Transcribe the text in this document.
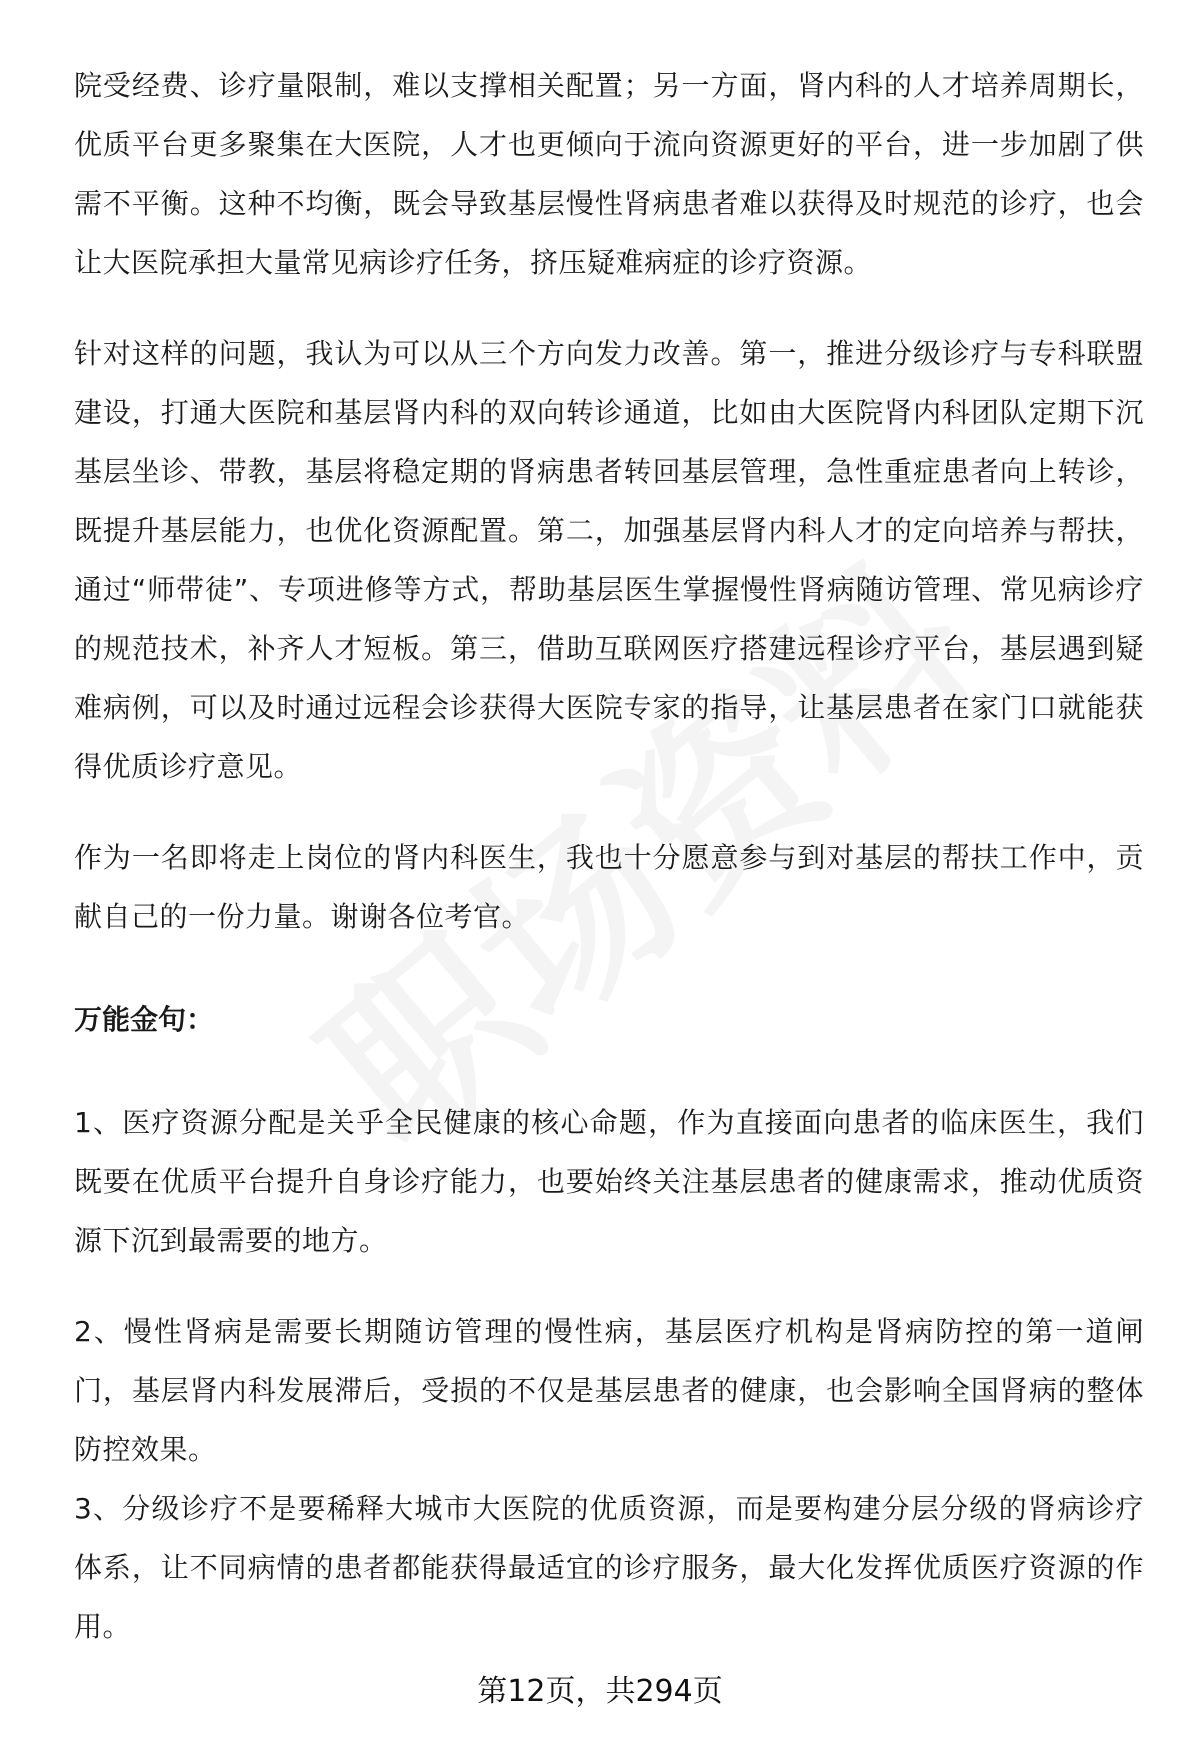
院受经费、诊疗量限制，难以支撑相关配置；另一方面，肾内科的人才培养周期长，优质平台更多聚集在大医院，人才也更倾向于流向资源更好的平台，进一步加剧了供需不平衡。这种不均衡，既会导致基层慢性肾病患者难以获得及时规范的诊疗，也会让大医院承担大量常见病诊疗任务，挤压疑难病症的诊疗资源。

针对这样的问题，我认为可以从三个方向发力改善。第一，推进分级诊疗与专科联盟建设，打通大医院和基层肾内科的双向转诊通道，比如由大医院肾内科团队定期下沉基层坐诊、带教，基层将稳定期的肾病患者转回基层管理，急性重症患者向上转诊，既提升基层能力，也优化资源配置。第二，加强基层肾内科人才的定向培养与帮扶，通过“师带徒”、专项进修等方式，帮助基层医生掌握慢性肾病随访管理、常见病诊疗的规范技术，补齐人才短板。第三，借助互联网医疗搭建远程诊疗平台，基层遇到疑难病例，可以及时通过远程会诊获得大医院专家的指导，让基层患者在家门口就能获得优质诊疗意见。

作为一名即将走上岗位的肾内科医生，我也十分愿意参与到对基层的帮扶工作中，贡献自己的一份力量。谢谢各位考官。

万能金句：

1、医疗资源分配是关乎全民健康的核心命题，作为直接面向患者的临床医生，我们既要在优质平台提升自身诊疗能力，也要始终关注基层患者的健康需求，推动优质资源下沉到最需要的地方。

2、慢性肾病是需要长期随访管理的慢性病，基层医疗机构是肾病防控的第一道闸门，基层肾内科发展滞后，受损的不仅是基层患者的健康，也会影响全国肾病的整体防控效果。

3、分级诊疗不是要稀释大城市大医院的优质资源，而是要构建分层分级的肾病诊疗体系，让不同病情的患者都能获得最适宜的诊疗服务，最大化发挥优质医疗资源的作用。

第12页，共294页
